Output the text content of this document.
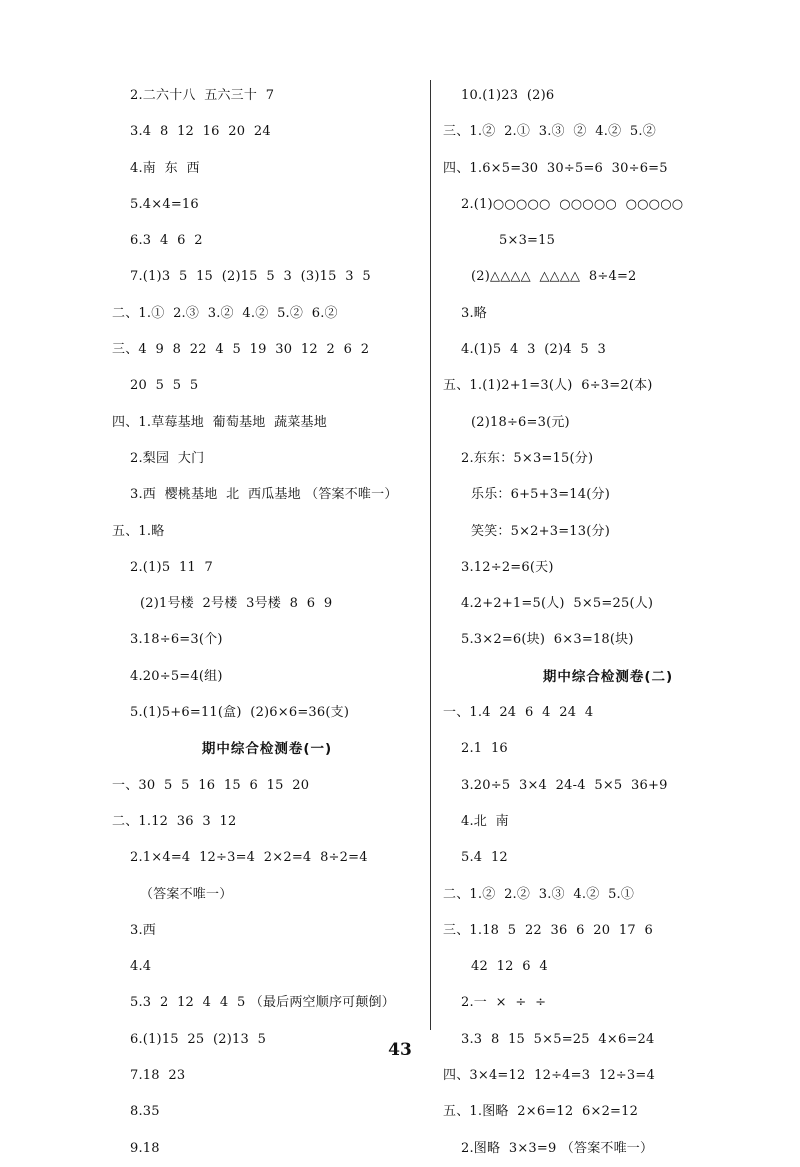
2.二六十八  五六三十  7
3.4  8  12  16  20  24
4.南  东  西
5.4×4=16
6.3  4  6  2
7.(1)3  5  15  (2)15  5  3  (3)15  3  5
二、1.①  2.③  3.②  4.②  5.②  6.②
三、4  9  8  22  4  5  19  30  12  2  6  2
20  5  5  5
四、1.草莓基地  葡萄基地  蔬菜基地
2.梨园  大门
3.西  樱桃基地  北  西瓜基地 （答案不唯一）
五、1.略
2.(1)5  11  7
(2)1号楼  2号楼  3号楼  8  6  9
3.18÷6=3(个)
4.20÷5=4(组)
5.(1)5+6=11(盒)  (2)6×6=36(支)
期中综合检测卷(一)
一、30  5  5  16  15  6  15  20
二、1.12  36  3  12
2.1×4=4  12÷3=4  2×2=4  8÷2=4
（答案不唯一）
3.西
4.4
5.3  2  12  4  4  5 （最后两空顺序可颠倒）
6.(1)15  25  (2)13  5
7.18  23
8.35
9.18
10.(1)23  (2)6
三、1.②  2.①  3.③  ②  4.②  5.②
四、1.6×5=30  30÷5=6  30÷6=5
2.(1)○○○○○  ○○○○○  ○○○○○
5×3=15
(2)△△△△  △△△△  8÷4=2
3.略
4.(1)5  4  3  (2)4  5  3
五、1.(1)2+1=3(人)  6÷3=2(本)
(2)18÷6=3(元)
2.东东：5×3=15(分)
乐乐：6+5+3=14(分)
笑笑：5×2+3=13(分)
3.12÷2=6(天)
4.2+2+1=5(人)  5×5=25(人)
5.3×2=6(块)  6×3=18(块)
期中综合检测卷(二)
一、1.4  24  6  4  24  4
2.1  16
3.20÷5  3×4  24-4  5×5  36+9
4.北  南
5.4  12
二、1.②  2.②  3.③  4.②  5.①
三、1.18  5  22  36  6  20  17  6
42  12  6  4
2.一  ×  ÷  ÷
3.3  8  15  5×5=25  4×6=24
四、3×4=12  12÷4=3  12÷3=4
五、1.图略  2×6=12  6×2=12
2.图略  3×3=9 （答案不唯一）
43
